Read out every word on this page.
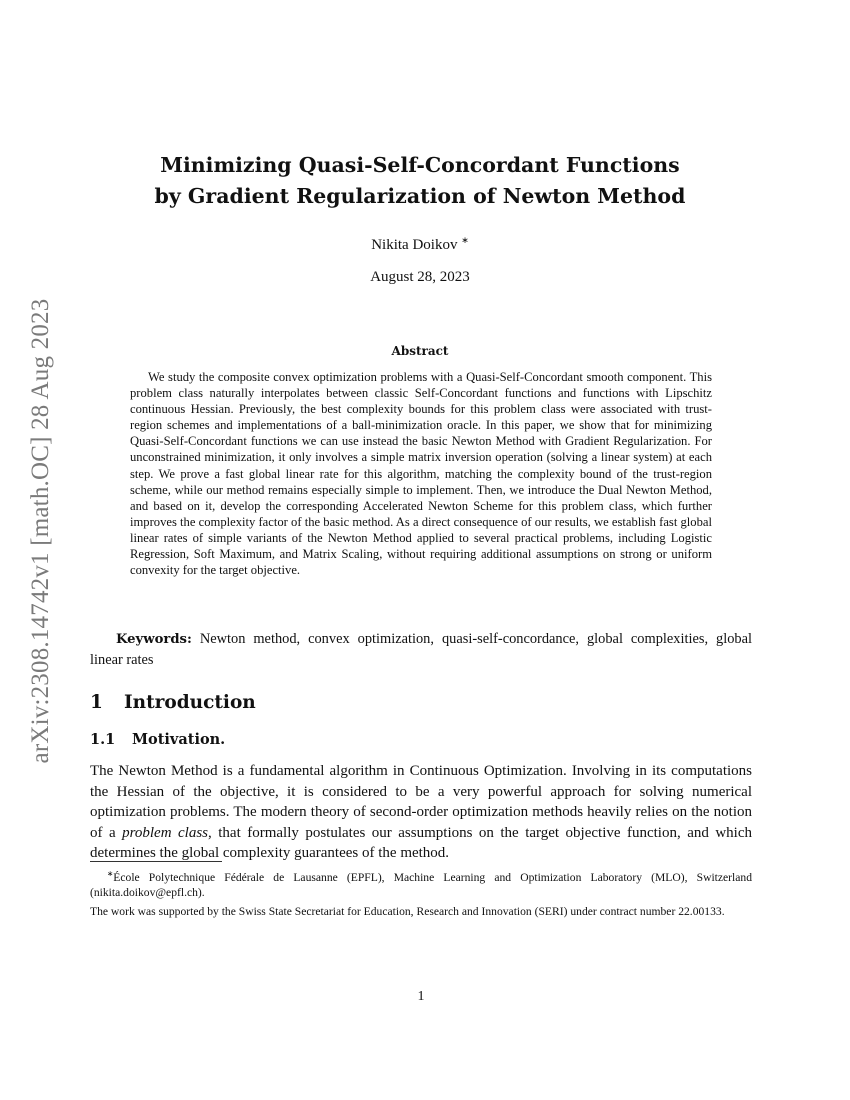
arXiv:2308.14742v1 [math.OC] 28 Aug 2023
Minimizing Quasi-Self-Concordant Functions
by Gradient Regularization of Newton Method
Nikita Doikov ∗
August 28, 2023
Abstract
We study the composite convex optimization problems with a Quasi-Self-Concordant smooth component. This problem class naturally interpolates between classic Self-Concordant functions and functions with Lipschitz continuous Hessian. Previously, the best complexity bounds for this problem class were associated with trust-region schemes and implementations of a ball-minimization oracle. In this paper, we show that for minimizing Quasi-Self-Concordant functions we can use instead the basic Newton Method with Gradient Regularization. For unconstrained minimization, it only involves a simple matrix inversion operation (solving a linear system) at each step. We prove a fast global linear rate for this algorithm, matching the complexity bound of the trust-region scheme, while our method remains especially simple to implement. Then, we introduce the Dual Newton Method, and based on it, develop the corresponding Accelerated Newton Scheme for this problem class, which further improves the complexity factor of the basic method. As a direct consequence of our results, we establish fast global linear rates of simple variants of the Newton Method applied to several practical problems, including Logistic Regression, Soft Maximum, and Matrix Scaling, without requiring additional assumptions on strong or uniform convexity for the target objective.
Keywords: Newton method, convex optimization, quasi-self-concordance, global complexities, global linear rates
1 Introduction
1.1 Motivation.
The Newton Method is a fundamental algorithm in Continuous Optimization. Involving in its computations the Hessian of the objective, it is considered to be a very powerful approach for solving numerical optimization problems. The modern theory of second-order optimization methods heavily relies on the notion of a problem class, that formally postulates our assumptions on the target objective function, and which determines the global complexity guarantees of the method.
∗École Polytechnique Fédérale de Lausanne (EPFL), Machine Learning and Optimization Laboratory (MLO), Switzerland (nikita.doikov@epfl.ch).
The work was supported by the Swiss State Secretariat for Education, Research and Innovation (SERI) under contract number 22.00133.
1
